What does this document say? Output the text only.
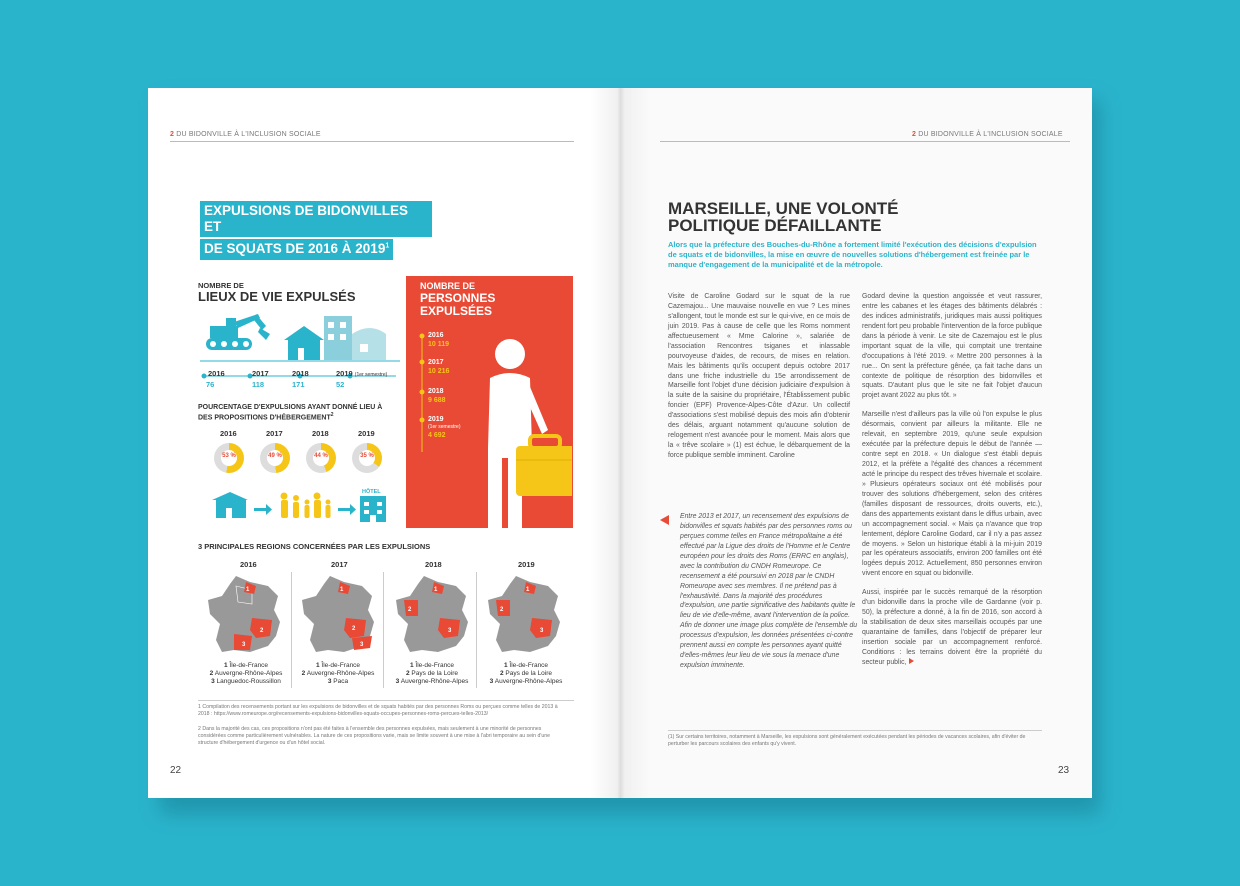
2 DU BIDONVILLE À L'INCLUSION SOCIALE
EXPULSIONS DE BIDONVILLES ET
DE SQUATS DE 2016 À 2019$^1$
NOMBRE DE
LIEUX DE VIE EXPULSÉS
2016
76
2017
118
2018
171
2019 (1er semestre)
52
POURCENTAGE D'EXPULSIONS AYANT DONNÉ LIEU À DES PROPOSITIONS D'HÉBERGEMENT$^2$
2016	2017	2018	2019
53 %	49 %	44 %	35 %
HÔTEL
NOMBRE DE
PERSONNES
EXPULSÉES
2016
10 119
2017
10 216
2018
9 688
2019
(1er semestre)
4 692
3 PRINCIPALES REGIONS CONCERNÉES PAR LES EXPULSIONS
2016	2017	2018	2019
1
2
3
1
2
3
1
2
3
1
2
3
1 Île-de-France
2 Auvergne-Rhône-Alpes
3 Languedoc-Roussillon
1 Île-de-France
2 Auvergne-Rhône-Alpes
3 Paca
1 Île-de-France
2 Pays de la Loire
3 Auvergne-Rhône-Alpes
1 Île-de-France
2 Pays de la Loire
3 Auvergne-Rhône-Alpes
1 Compilation des recensements portant sur les expulsions de bidonvilles et de squats habités par des personnes Roms ou perçues comme telles de 2013 à 2018 : https://www.romeurope.org/recensements-expulsions-bidonvilles-squats-occupes-personnes-roms-percues-telles-2013/
2 Dans la majorité des cas, ces propositions n'ont pas été faites à l'ensemble des personnes expulsées, mais seulement à une minorité de personnes considérées comme particulièrement vulnérables. La nature de ces propositions varie, mais se limite souvent à une mise à l'abri temporaire au sein d'une structure d'hébergement d'urgence ou d'un hôtel social.
22
2 DU BIDONVILLE À L'INCLUSION SOCIALE
MARSEILLE, UNE VOLONTÉ
POLITIQUE DÉFAILLANTE
Alors que la préfecture des Bouches-du-Rhône a fortement limité l'exécution des décisions d'expulsion de squats et de bidonvilles, la mise en œuvre de nouvelles solutions d'hébergement est freinée par le manque d'engagement de la municipalité et de la métropole.

Visite de Caroline Godard sur le squat de la rue Cazemajou... Une mauvaise nouvelle en vue ? Les mines s'allongent, tout le monde est sur le qui-vive, en ce mois de juin 2019. Pas à cause de celle que les Roms nomment affectueusement « Mme Calorine », salariée de l'association Rencontres tsiganes et inlassable pourvoyeuse d'aides, de recours, de mises en relation. Mais les bâtiments qu'ils occupent depuis octobre 2017 dans une friche industrielle du 15e arrondissement de Marseille font l'objet d'une décision judiciaire d'expulsion à la suite de la saisine du propriétaire, l'Établissement public foncier (EPF) Provence-Alpes-Côte d'Azur. Un collectif d'associations s'est mobilisé depuis des mois afin d'obtenir des délais, arguant notamment qu'aucune solution de relogement n'est avancée pour le moment. Mais alors que la « trêve scolaire » (1) est échue, le débarquement de la force publique semble imminent. Caroline

Entre 2013 et 2017, un recensement des expulsions de bidonvilles et squats habités par des personnes roms ou perçues comme telles en France métropolitaine a été effectué par la Ligue des droits de l'Homme et le Centre européen pour les droits des Roms (ERRC en anglais), avec la contribution du CNDH Romeurope. Ce recensement a été poursuivi en 2018 par le CNDH Romeurope avec ses membres. Il ne prétend pas à l'exhaustivité. Dans la majorité des procédures d'expulsion, une partie significative des habitants quitte le lieu de vie d'elle-même, avant l'intervention de la police. Afin de donner une image plus complète de l'ensemble du processus d'expulsion, les données présentées ci-contre prennent aussi en compte les personnes ayant quitté d'elles-mêmes leur lieu de vie sous la menace d'une expulsion imminente.

Godard devine la question angoissée et veut rassurer, entre les cabanes et les étages des bâtiments délabrés : des indices administratifs, juridiques mais aussi politiques rendent fort peu probable l'intervention de la force publique dans la période à venir. Le site de Cazemajou est le plus important squat de la ville, qui comptait une trentaine d'occupations à l'été 2019. « Mettre 200 personnes à la rue... On sent la préfecture gênée, ça fait tache dans un contexte de politique de résorption des bidonvilles et squats. D'autant plus que le site ne fait l'objet d'aucun projet avant 2022 au plus tôt. »

Marseille n'est d'ailleurs pas la ville où l'on expulse le plus désormais, convient par ailleurs la militante. Elle ne relevait, en septembre 2019, qu'une seule expulsion exécutée par la préfecture depuis le début de l'année — contre sept en 2018. « Un dialogue s'est établi depuis 2012, et la préfète a l'égalité des chances a récemment acté le principe du respect des trêves hivernale et scolaire. » Plusieurs opérateurs sociaux ont été mobilisés pour trouver des solutions d'hébergement, selon des critères (familles disposant de ressources, droits ouverts, etc.), dans des appartements existant dans le diffus urbain, avec un accompagnement social. « Mais ça n'avance que trop lentement, déplore Caroline Godard, car il n'y a pas assez de moyens. » Selon un historique établi à la mi-juin 2019 par les opérateurs associatifs, environ 200 familles ont été logées depuis 2012. Actuellement, 850 personnes environ vivent encore en squat ou bidonville.

Aussi, inspirée par le succès remarqué de la résorption d'un bidonville dans la proche ville de Gardanne (voir p. 50), la préfecture a donné, à la fin de 2016, son accord à la stabilisation de deux sites marseillais occupés par une quarantaine de familles, dans l'objectif de préparer leur insertion sociale par un accompagnement renforcé. Conditions : les terrains doivent être la propriété du secteur public,

(1) Sur certains territoires, notamment à Marseille, les expulsions sont généralement exécutées pendant les périodes de vacances scolaires, afin d'éviter de perturber les parcours scolaires des enfants qu'y vivent.
23
